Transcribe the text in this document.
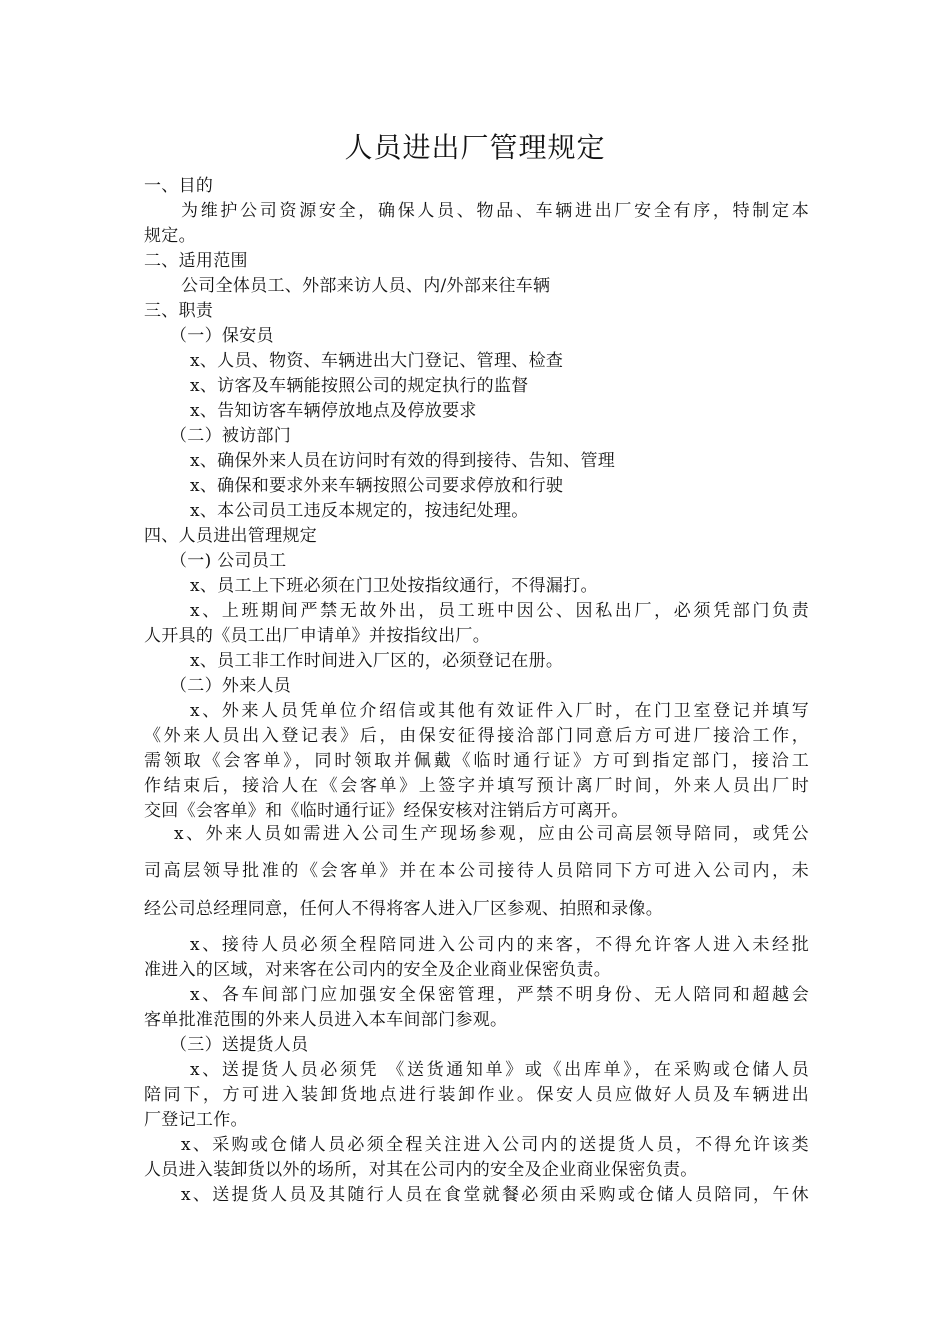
人员进出厂管理规定
一、目的
为维护公司资源安全，确保人员、物品、车辆进出厂安全有序，特制定本
规定。
二、适用范围
公司全体员工、外部来访人员、内/外部来往车辆
三、职责
（一）保安员
x、人员、物资、车辆进出大门登记、管理、检查
x、访客及车辆能按照公司的规定执行的监督
x、告知访客车辆停放地点及停放要求
（二）被访部门
x、确保外来人员在访问时有效的得到接待、告知、管理
x、确保和要求外来车辆按照公司要求停放和行驶
x、本公司员工违反本规定的，按违纪处理。
四、人员进出管理规定
（一) 公司员工
x、员工上下班必须在门卫处按指纹通行，不得漏打。
x、上班期间严禁无故外出，员工班中因公、因私出厂，必须凭部门负责
人开具的《员工出厂申请单》并按指纹出厂。
x、员工非工作时间进入厂区的，必须登记在册。
（二）外来人员
x、外来人员凭单位介绍信或其他有效证件入厂时，在门卫室登记并填写
《外来人员出入登记表》后，由保安征得接洽部门同意后方可进厂接洽工作，
需领取《会客单》，同时领取并佩戴《临时通行证》方可到指定部门，接洽工
作结束后，接洽人在《会客单》上签字并填写预计离厂时间，外来人员出厂时
交回《会客单》和《临时通行证》经保安核对注销后方可离开。
x、外来人员如需进入公司生产现场参观，应由公司高层领导陪同，或凭公
司高层领导批准的《会客单》并在本公司接待人员陪同下方可进入公司内，未
经公司总经理同意，任何人不得将客人进入厂区参观、拍照和录像。
x、接待人员必须全程陪同进入公司内的来客，不得允许客人进入未经批
准进入的区域，对来客在公司内的安全及企业商业保密负责。
x、各车间部门应加强安全保密管理，严禁不明身份、无人陪同和超越会
客单批准范围的外来人员进入本车间部门参观。
（三）送提货人员
x、送提货人员必须凭 《送货通知单》或《出库单》，在采购或仓储人员
陪同下，方可进入装卸货地点进行装卸作业。保安人员应做好人员及车辆进出
厂登记工作。
x、采购或仓储人员必须全程关注进入公司内的送提货人员，不得允许该类
人员进入装卸货以外的场所，对其在公司内的安全及企业商业保密负责。
x、送提货人员及其随行人员在食堂就餐必须由采购或仓储人员陪同，午休
